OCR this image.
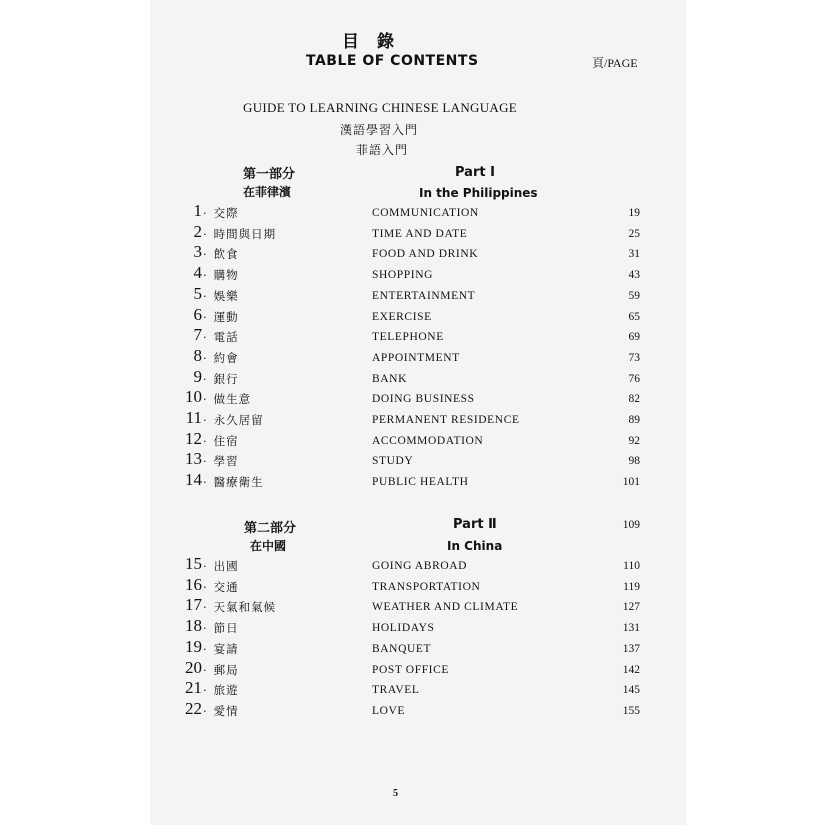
目錄
TABLE OF CONTENTS	頁/PAGE
GUIDE TO LEARNING CHINESE LANGUAGE
漢語學習入門
菲語入門
第一部分	Part Ⅰ
在菲律濱	In the Philippines
1 · 交際	COMMUNICATION	19
2 · 時間與日期	TIME AND DATE	25
3 · 飲食	FOOD AND DRINK	31
4 · 購物	SHOPPING	43
5 · 娛樂	ENTERTAINMENT	59
6 · 運動	EXERCISE	65
7 · 電話	TELEPHONE	69
8 · 約會	APPOINTMENT	73
9 · 銀行	BANK	76
10 · 做生意	DOING BUSINESS	82
11 · 永久居留	PERMANENT RESIDENCE	89
12 · 住宿	ACCOMMODATION	92
13 · 學習	STUDY	98
14 · 醫療衛生	PUBLIC HEALTH	101
第二部分	Part Ⅱ	109
在中國	In China
15 · 出國	GOING ABROAD	110
16 · 交通	TRANSPORTATION	119
17 · 天氣和氣候	WEATHER AND CLIMATE	127
18 · 節日	HOLIDAYS	131
19 · 宴請	BANQUET	137
20 · 郵局	POST OFFICE	142
21 · 旅遊	TRAVEL	145
22 · 愛情	LOVE	155
5
